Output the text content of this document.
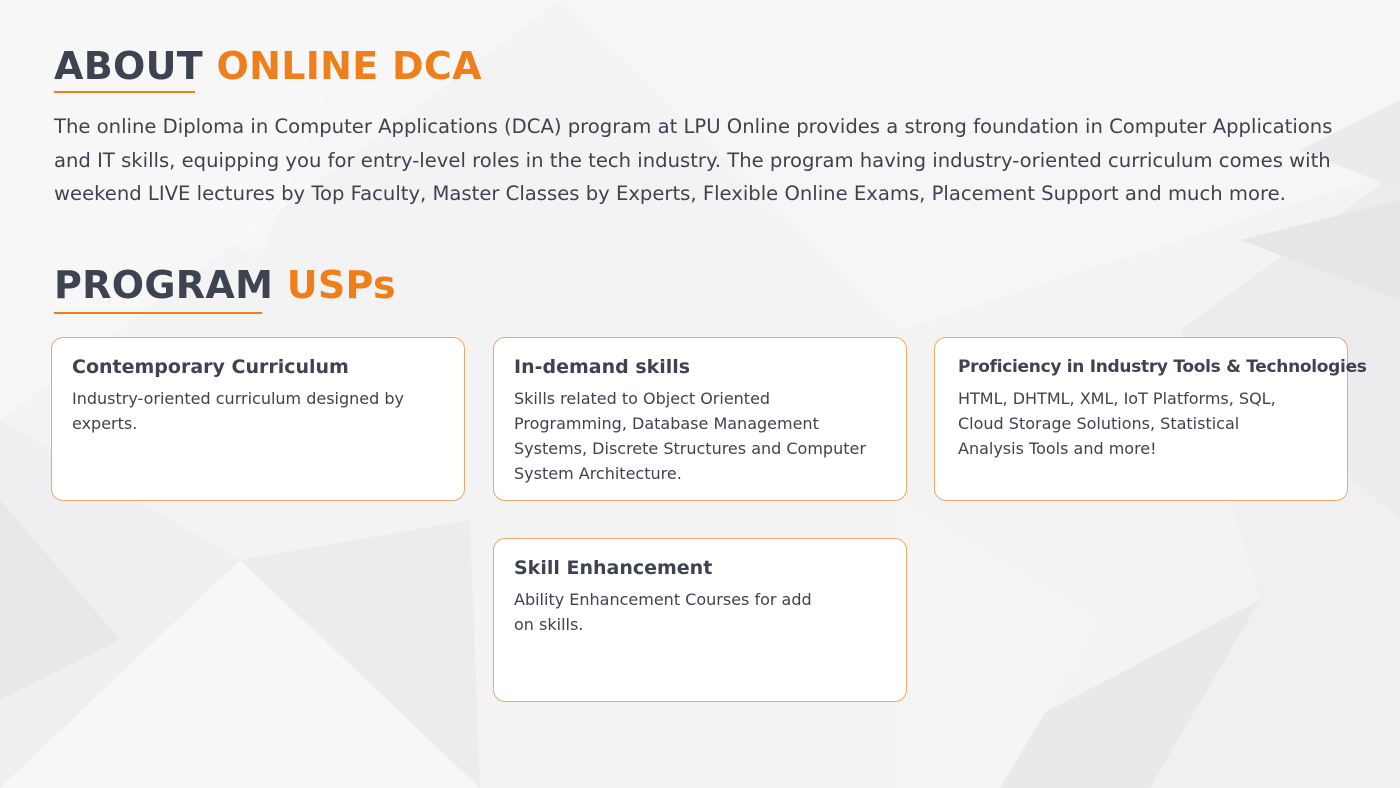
ABOUT ONLINE DCA

The online Diploma in Computer Applications (DCA) program at LPU Online provides a strong foundation in Computer Applications and IT skills, equipping you for entry-level roles in the tech industry. The program having industry-oriented curriculum comes with weekend LIVE lectures by Top Faculty, Master Classes by Experts, Flexible Online Exams, Placement Support and much more.

PROGRAM USPs
Contemporary Curriculum
Industry-oriented curriculum designed by experts.
In-demand skills
Skills related to Object Oriented Programming, Database Management Systems, Discrete Structures and Computer System Architecture.
Proficiency in Industry Tools & Technologies
HTML, DHTML, XML, IoT Platforms, SQL, Cloud Storage Solutions, Statistical Analysis Tools and more!
Skill Enhancement
Ability Enhancement Courses for add on skills.
